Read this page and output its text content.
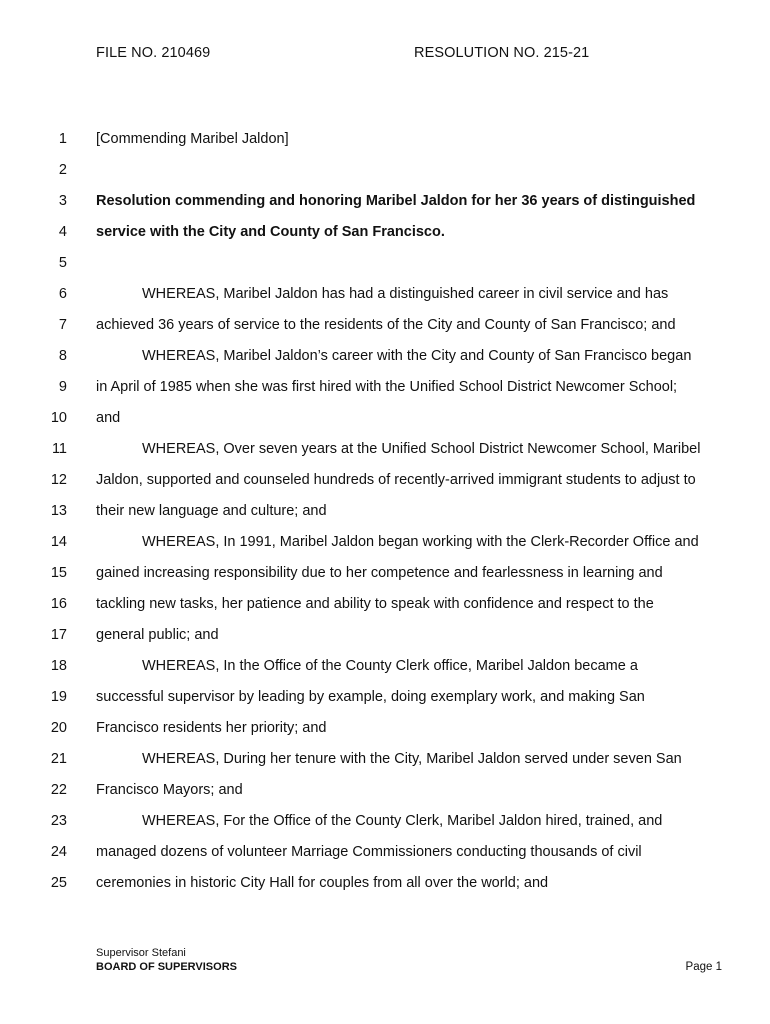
FILE NO. 210469	RESOLUTION NO. 215-21
1 [Commending Maribel Jaldon]
2
3 Resolution commending and honoring Maribel Jaldon for her 36 years of distinguished
4 service with the City and County of San Francisco.
5
6	WHEREAS, Maribel Jaldon has had a distinguished career in civil service and has
7 achieved 36 years of service to the residents of the City and County of San Francisco; and
8	WHEREAS, Maribel Jaldon’s career with the City and County of San Francisco began
9 in April of 1985 when she was first hired with the Unified School District Newcomer School;
10 and
11	WHEREAS, Over seven years at the Unified School District Newcomer School, Maribel
12 Jaldon, supported and counseled hundreds of recently-arrived immigrant students to adjust to
13 their new language and culture; and
14	WHEREAS, In 1991, Maribel Jaldon began working with the Clerk-Recorder Office and
15 gained increasing responsibility due to her competence and fearlessness in learning and
16 tackling new tasks, her patience and ability to speak with confidence and respect to the
17 general public; and
18	WHEREAS, In the Office of the County Clerk office, Maribel Jaldon became a
19 successful supervisor by leading by example, doing exemplary work, and making San
20 Francisco residents her priority; and
21	WHEREAS, During her tenure with the City, Maribel Jaldon served under seven San
22 Francisco Mayors; and
23	WHEREAS, For the Office of the County Clerk, Maribel Jaldon hired, trained, and
24 managed dozens of volunteer Marriage Commissioners conducting thousands of civil
25 ceremonies in historic City Hall for couples from all over the world; and
Supervisor Stefani
BOARD OF SUPERVISORS	Page 1
